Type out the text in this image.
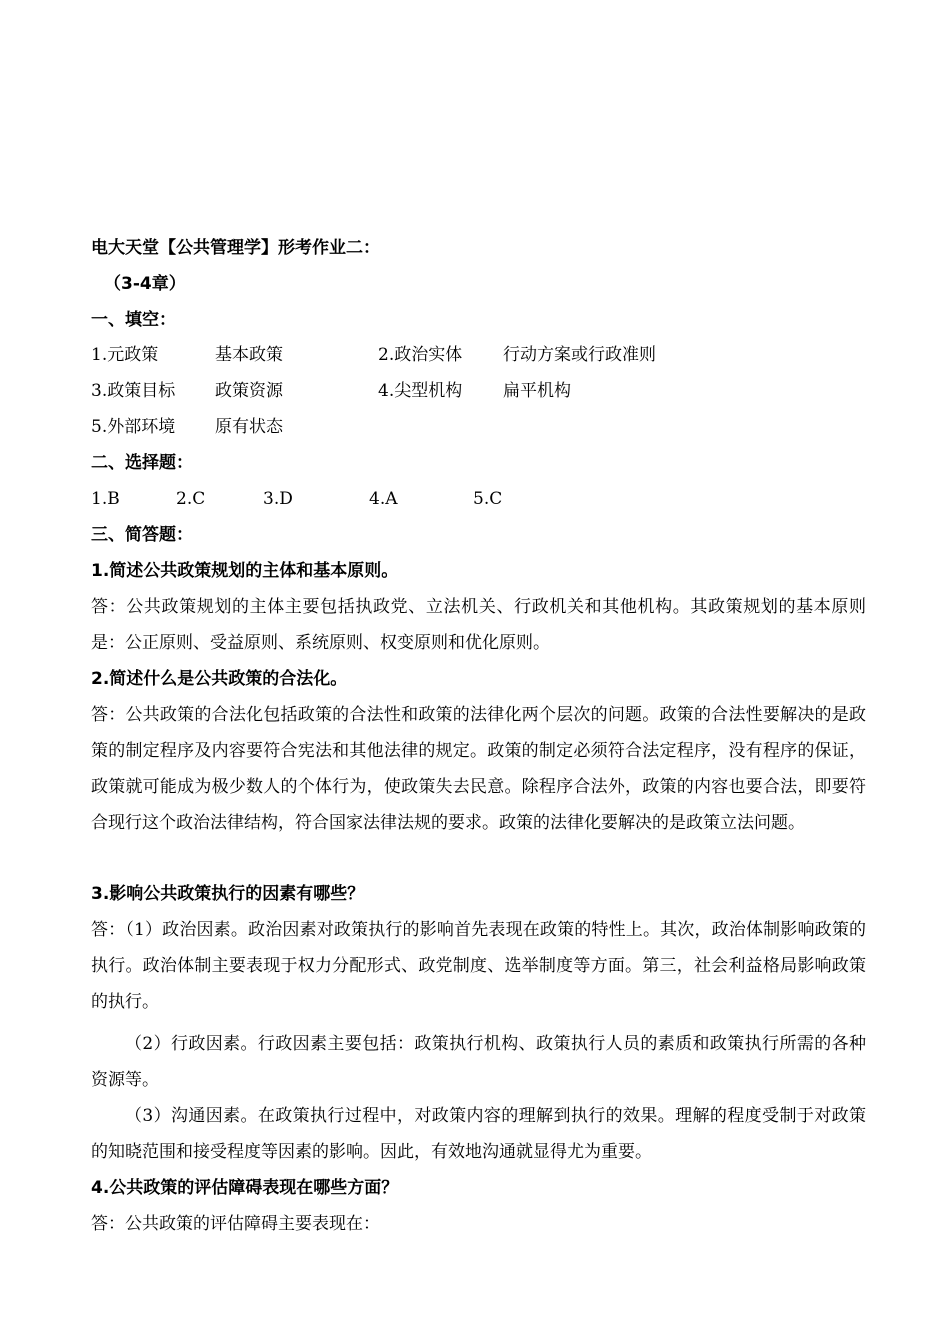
电大天堂【公共管理学】形考作业二：
（3-4章）
一、填空：
1.元政策	基本政策	2.政治实体 行动方案或行政准则
3.政策目标 政策资源	4.尖型机构 扁平机构
5.外部环境 原有状态
二、选择题：
1.B	2.C	3.D	4.A	5.C
三、简答题：
1.简述公共政策规划的主体和基本原则。
答：公共政策规划的主体主要包括执政党、立法机关、行政机关和其他机构。其政策规划的基本原则是：公正原则、受益原则、系统原则、权变原则和优化原则。
2.简述什么是公共政策的合法化。
答：公共政策的合法化包括政策的合法性和政策的法律化两个层次的问题。政策的合法性要解决的是政策的制定程序及内容要符合宪法和其他法律的规定。政策的制定必须符合法定程序，没有程序的保证，政策就可能成为极少数人的个体行为，使政策失去民意。除程序合法外，政策的内容也要合法，即要符合现行这个政治法律结构，符合国家法律法规的要求。政策的法律化要解决的是政策立法问题。
3.影响公共政策执行的因素有哪些？
答：（1）政治因素。政治因素对政策执行的影响首先表现在政策的特性上。其次，政治体制影响政策的执行。政治体制主要表现于权力分配形式、政党制度、选举制度等方面。第三，社会利益格局影响政策的执行。
（2）行政因素。行政因素主要包括：政策执行机构、政策执行人员的素质和政策执行所需的各种资源等。
（3）沟通因素。在政策执行过程中，对政策内容的理解到执行的效果。理解的程度受制于对政策的知晓范围和接受程度等因素的影响。因此，有效地沟通就显得尤为重要。
4.公共政策的评估障碍表现在哪些方面？
答：公共政策的评估障碍主要表现在：
